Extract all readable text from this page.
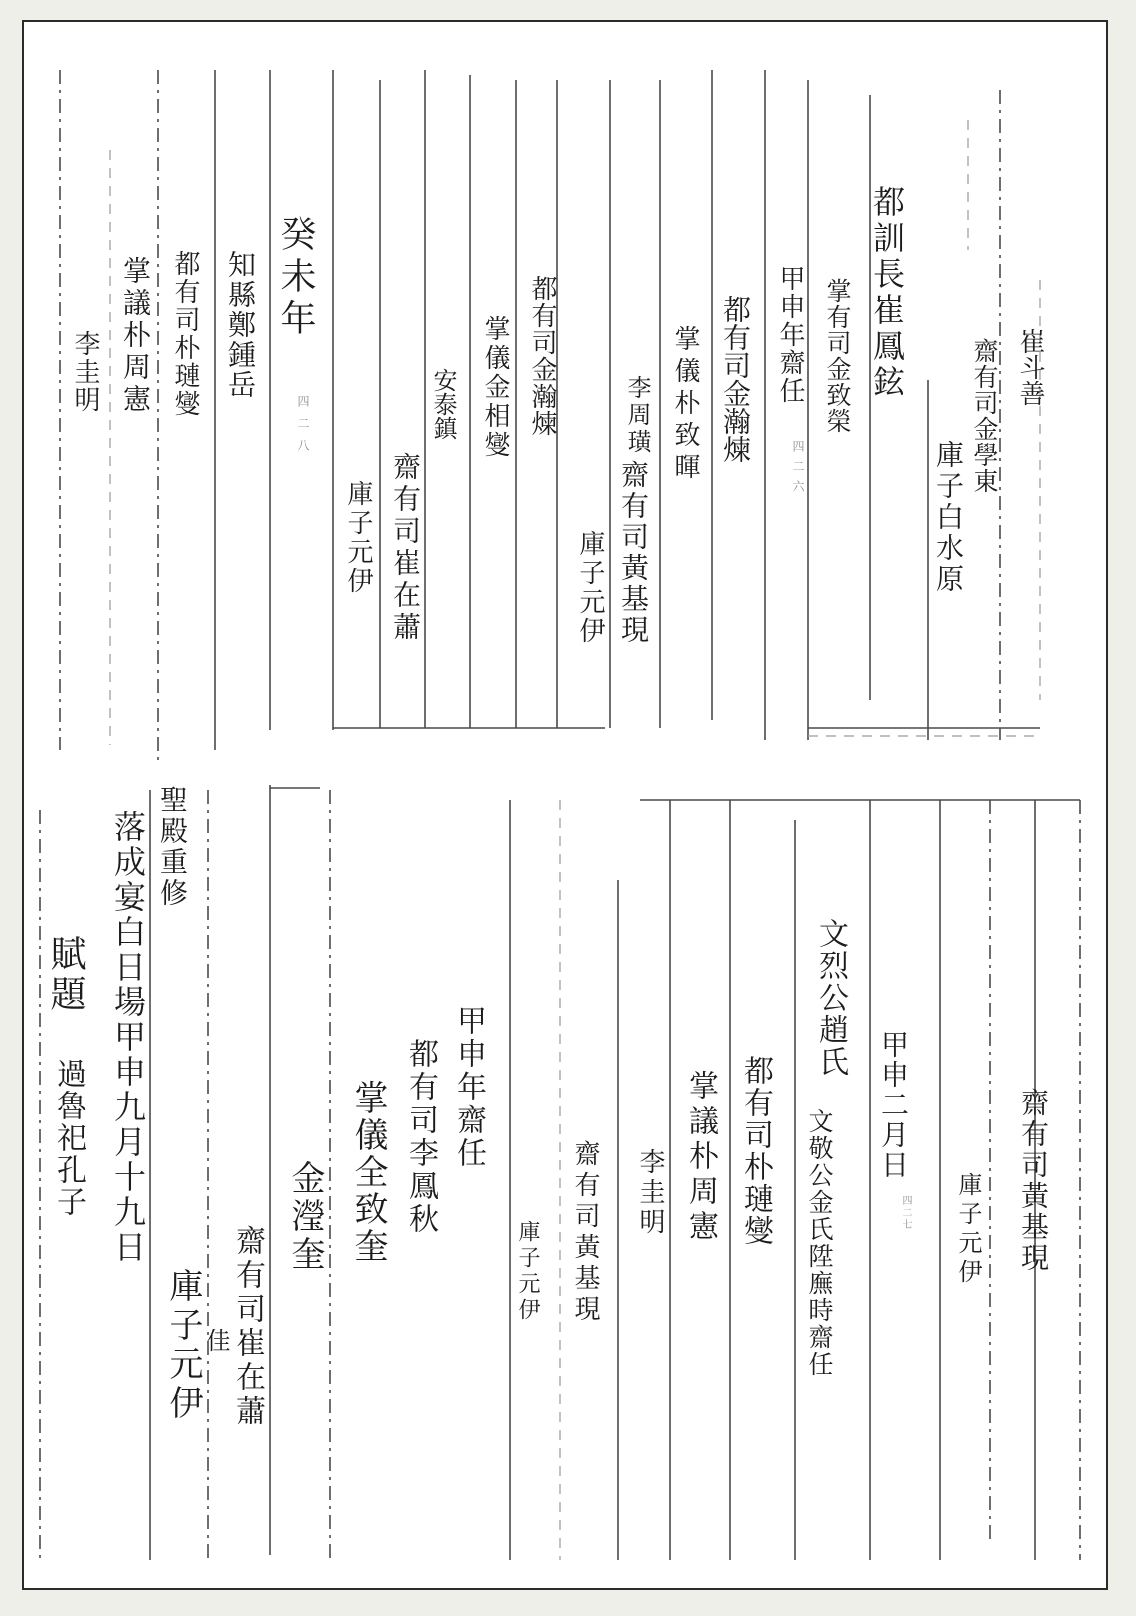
崔斗善
齋有司金學東
庫子白水原
都訓長崔鳳鉉
掌有司金致榮
甲申年齋任
四二六
都有司金瀚煉
掌儀朴致暉
李周璜
齋有司黃基現
庫子元伊
都有司金瀚煉
掌儀金相燮
安泰鎮
齋有司崔在蕭
庫子元伊
癸未年
四二八
知縣鄭鍾岳
都有司朴璉燮
掌議朴周憲
李圭明
齋有司黃基現
庫子元伊
甲申二月日
四二七
文烈公趙氏
文敬公金氏陞廡時齋任
都有司朴璉燮
掌議朴周憲
李圭明
齋有司黃基現
庫子元伊
甲申年齋任
都有司李鳳秋
掌儀全致奎
金瀅奎
齋有司崔在蕭
佳
庫子元伊
聖殿重修
落成宴白日場甲申九月十九日
賦題
過魯祀孔子
